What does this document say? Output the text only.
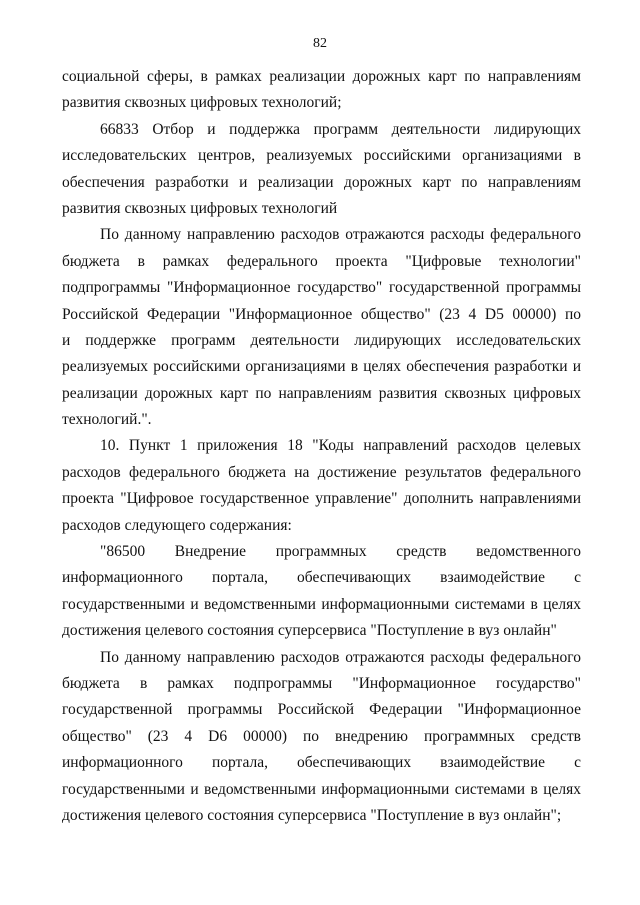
82
социальной сферы, в рамках реализации дорожных карт по направлениям
развития сквозных цифровых технологий;
66833 Отбор и поддержка программ деятельности лидирующих
исследовательских центров, реализуемых российскими организациями в
обеспечения разработки и реализации дорожных карт по направлениям
развития сквозных цифровых технологий
По данному направлению расходов отражаются расходы федерального
бюджета в рамках федерального проекта "Цифровые технологии"
подпрограммы "Информационное государство" государственной программы
Российской Федерации "Информационное общество" (23 4 D5 00000) по
и поддержке программ деятельности лидирующих исследовательских
реализуемых российскими организациями в целях обеспечения разработки и
реализации дорожных карт по направлениям развития сквозных цифровых
технологий.".
10. Пункт 1 приложения 18 "Коды направлений расходов целевых
расходов федерального бюджета на достижение результатов федерального
проекта "Цифровое государственное управление" дополнить направлениями
расходов следующего содержания:
"86500 Внедрение программных средств ведомственного
информационного портала, обеспечивающих взаимодействие с
государственными и ведомственными информационными системами в целях
достижения целевого состояния суперсервиса "Поступление в вуз онлайн"
По данному направлению расходов отражаются расходы федерального
бюджета в рамках подпрограммы "Информационное государство"
государственной программы Российской Федерации "Информационное
общество" (23 4 D6 00000) по внедрению программных средств
информационного портала, обеспечивающих взаимодействие с
государственными и ведомственными информационными системами в целях
достижения целевого состояния суперсервиса "Поступление в вуз онлайн";
